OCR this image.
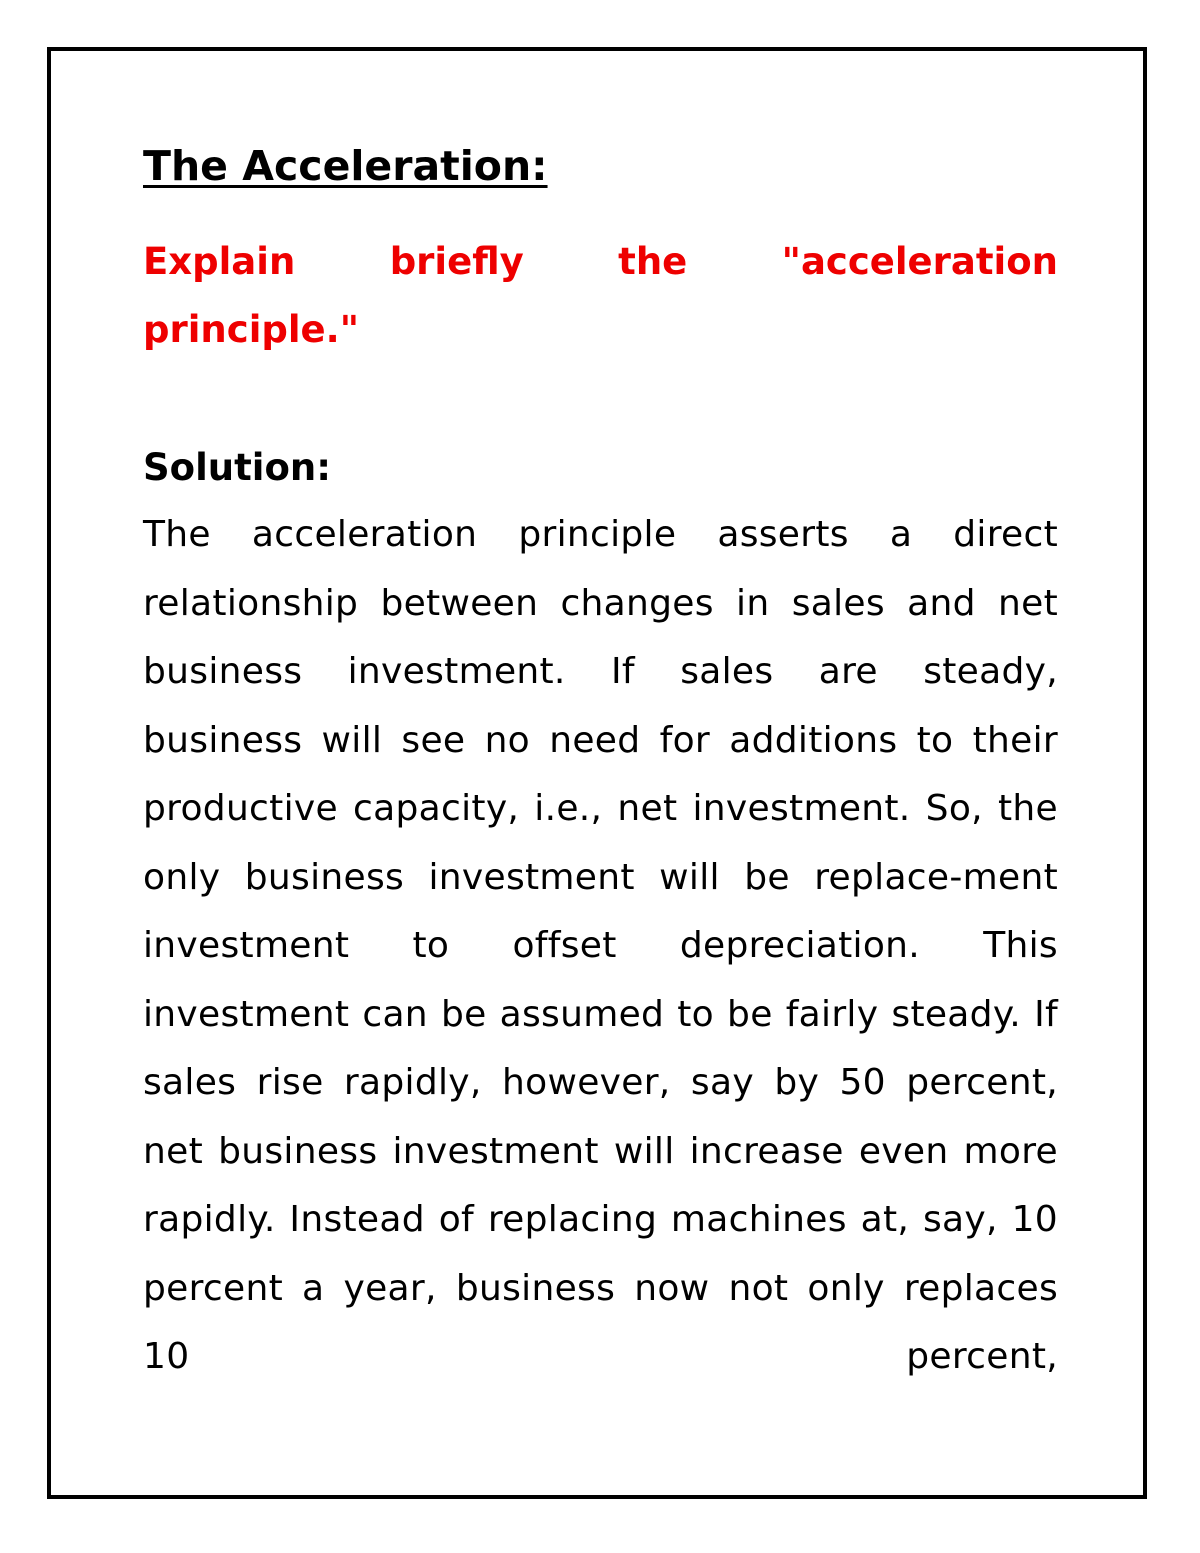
The Acceleration:

Explain briefly the "acceleration principle."

Solution:

The acceleration principle asserts a direct relationship between changes in sales and net business investment. If sales are steady, business will see no need for additions to their productive capacity, i.e., net investment. So, the only business investment will be replace-ment investment to offset depreciation. This investment can be assumed to be fairly steady. If sales rise rapidly, however, say by 50 percent, net business investment will increase even more rapidly. Instead of replacing machines at, say, 10 percent a year, business now not only replaces 10 percent,
